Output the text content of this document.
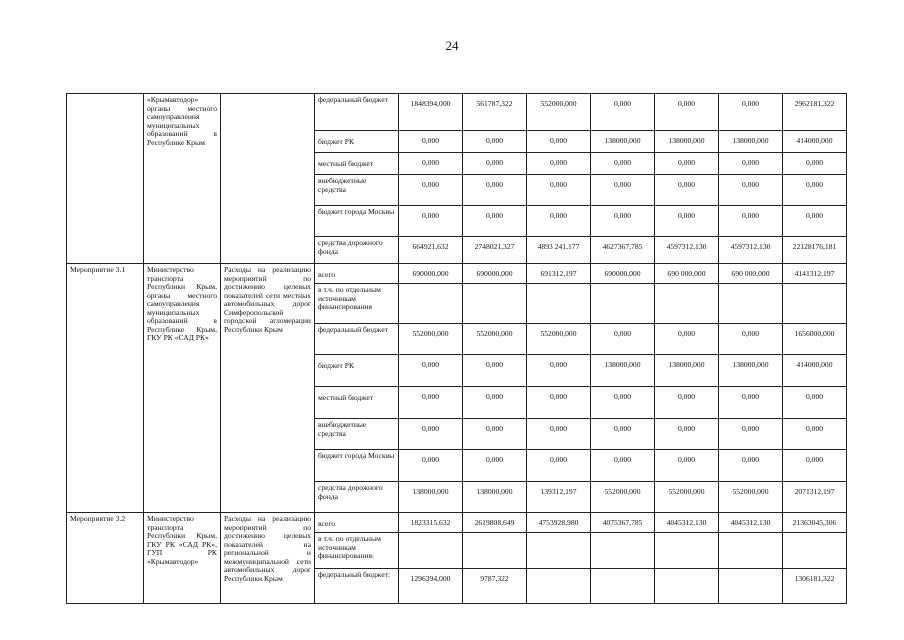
24
	«Крымавтодор» органы местного самоуправления муниципальных образований в Республике Крым		федеральный бюджет	1848394,000	561787,322	552000,000	0,000	0,000	0,000	2962181,322
			бюджет РК	0,000	0,000	0,000	138000,000	138000,000	138000,000	414000,000
			местный бюджет	0,000	0,000	0,000	0,000	0,000	0,000	0,000
			внебюджетные средства	0,000	0,000	0,000	0,000	0,000	0,000	0,000
			бюджет города Москвы	0,000	0,000	0,000	0,000	0,000	0,000	0,000
			средства дорожного фонда	664921,632	2748021,327	4893 241,177	4627367,785	4597312,130	4597312,130	22128176,181
Мероприятие 3.1	Министерство транспорта Республики Крым, органы местного самоуправления муниципальных образований в Республике Крым, ГКУ РК «САД РК»	Расходы на реализацию мероприятий по достижению целевых показателей сети местных автомобильных дорог Симферопольской городской агломерации Республики Крым	всего	690000,000	690000,000	691312,197	690000,000	690 000,000	690 000,000	4141312,197
			в т.ч. по отдельным источникам финансирования							
			федеральный бюджет	552000,000	552000,000	552000,000	0,000	0,000	0,000	1656000,000
			бюджет РК	0,000	0,000	0,000	138000,000	138000,000	138000,000	414000,000
			местный бюджет	0,000	0,000	0,000	0,000	0,000	0,000	0,000
			внебюджетные средства	0,000	0,000	0,000	0,000	0,000	0,000	0,000
			бюджет города Москвы	0,000	0,000	0,000	0,000	0,000	0,000	0,000
			средства дорожного фонда	138000,000	138000,000	139312,197	552000,000	552000,000	552000,000	2071312,197
Мероприятие 3.2	Министерство транспорта Республики Крым, ГКУ РК «САД РК», ГУП РК «Крымавтодор»	Расходы на реализацию мероприятий по достижению целевых показателей на региональной и межмуниципальной сети автомобильных дорог Республики Крым	всего	1823315,632	2619808,649	4753928,980	4075367,785	4045312,130	4045312,130	21363045,306
			в т.ч. по отдельным источникам финансирования:							
			федеральный бюджет:	1296394,000	9787,322					1306181,322
